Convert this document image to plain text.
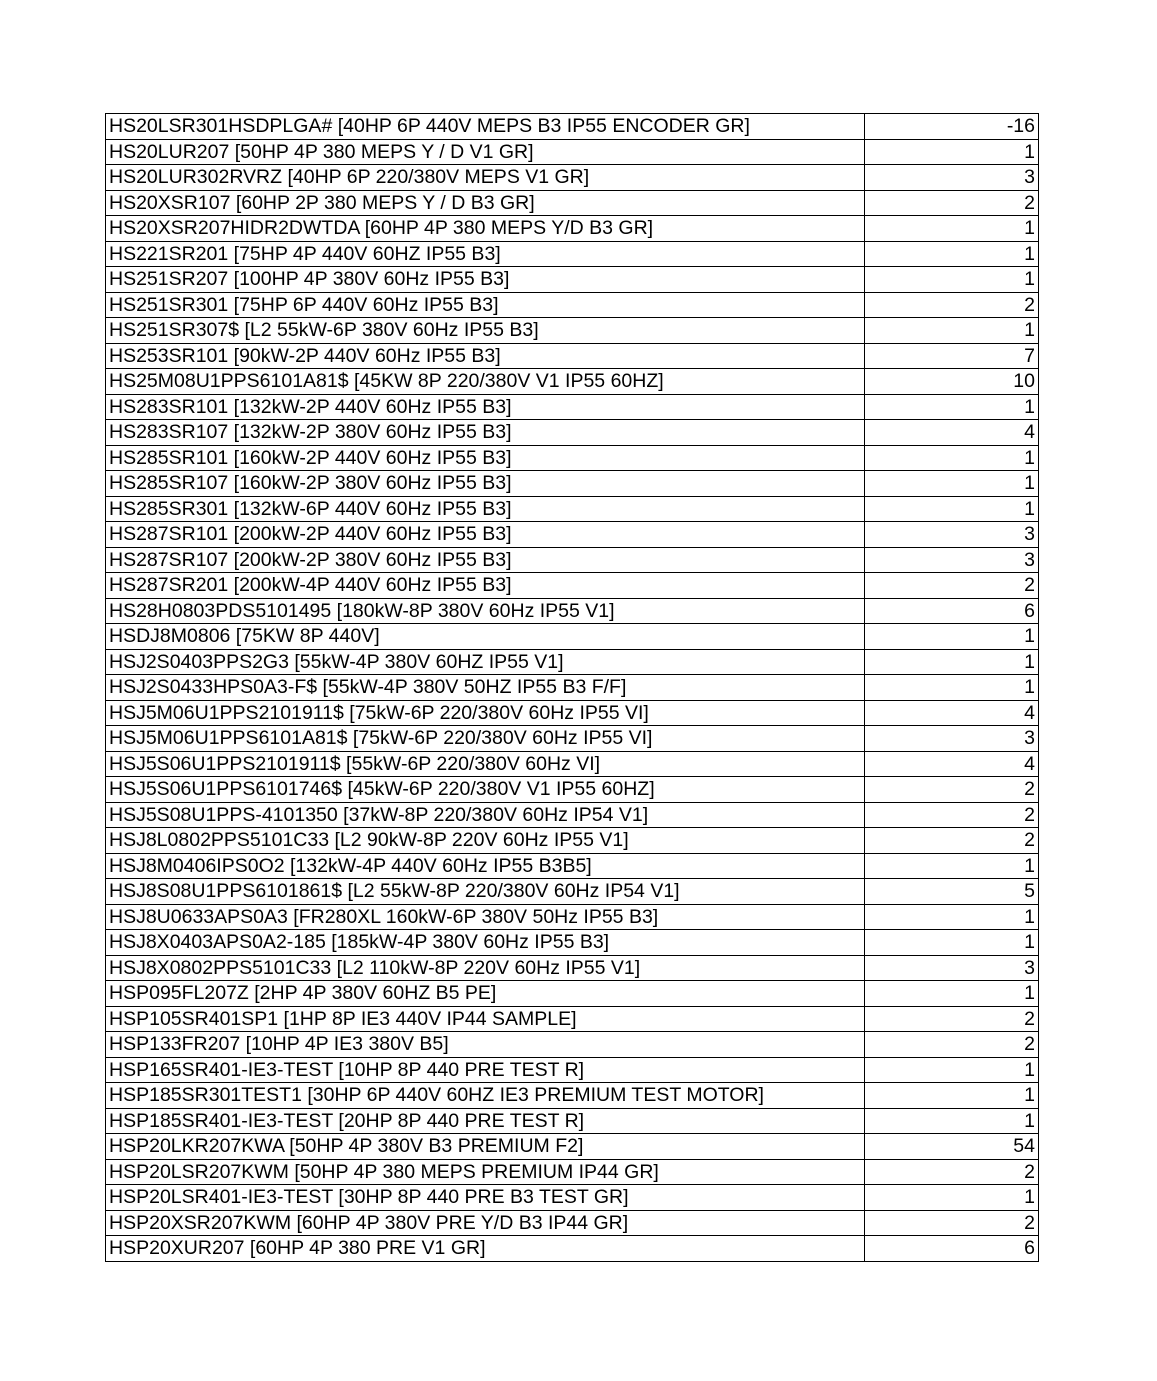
HS20LSR301HSDPLGA# [40HP 6P 440V MEPS B3 IP55 ENCODER GR]	-16
HS20LUR207 [50HP 4P 380 MEPS Y / D V1 GR]	1
HS20LUR302RVRZ [40HP 6P 220/380V MEPS V1 GR]	3
HS20XSR107 [60HP 2P 380 MEPS Y / D B3 GR]	2
HS20XSR207HIDR2DWTDA [60HP 4P 380 MEPS Y/D B3 GR]	1
HS221SR201 [75HP 4P 440V 60HZ IP55 B3]	1
HS251SR207 [100HP 4P 380V 60Hz IP55 B3]	1
HS251SR301 [75HP 6P 440V 60Hz IP55 B3]	2
HS251SR307$ [L2 55kW-6P 380V 60Hz IP55 B3]	1
HS253SR101 [90kW-2P 440V 60Hz IP55 B3]	7
HS25M08U1PPS6101A81$ [45KW 8P 220/380V V1 IP55 60HZ]	10
HS283SR101 [132kW-2P 440V 60Hz IP55 B3]	1
HS283SR107 [132kW-2P 380V 60Hz IP55 B3]	4
HS285SR101 [160kW-2P 440V 60Hz IP55 B3]	1
HS285SR107 [160kW-2P 380V 60Hz IP55 B3]	1
HS285SR301 [132kW-6P 440V 60Hz IP55 B3]	1
HS287SR101 [200kW-2P 440V 60Hz IP55 B3]	3
HS287SR107 [200kW-2P 380V 60Hz IP55 B3]	3
HS287SR201 [200kW-4P 440V 60Hz IP55 B3]	2
HS28H0803PDS5101495 [180kW-8P 380V 60Hz IP55 V1]	6
HSDJ8M0806 [75KW 8P 440V]	1
HSJ2S0403PPS2G3 [55kW-4P 380V 60HZ IP55 V1]	1
HSJ2S0433HPS0A3-F$ [55kW-4P 380V 50HZ IP55 B3 F/F]	1
HSJ5M06U1PPS2101911$ [75kW-6P 220/380V 60Hz IP55 VI]	4
HSJ5M06U1PPS6101A81$ [75kW-6P 220/380V 60Hz IP55 VI]	3
HSJ5S06U1PPS2101911$ [55kW-6P 220/380V 60Hz VI]	4
HSJ5S06U1PPS6101746$ [45kW-6P 220/380V V1 IP55 60HZ]	2
HSJ5S08U1PPS-4101350 [37kW-8P 220/380V 60Hz IP54 V1]	2
HSJ8L0802PPS5101C33 [L2 90kW-8P 220V 60Hz IP55 V1]	2
HSJ8M0406IPS0O2 [132kW-4P 440V 60Hz IP55 B3B5]	1
HSJ8S08U1PPS6101861$ [L2 55kW-8P 220/380V 60Hz IP54 V1]	5
HSJ8U0633APS0A3 [FR280XL 160kW-6P 380V 50Hz IP55 B3]	1
HSJ8X0403APS0A2-185 [185kW-4P 380V 60Hz IP55 B3]	1
HSJ8X0802PPS5101C33 [L2 110kW-8P 220V 60Hz IP55 V1]	3
HSP095FL207Z [2HP 4P 380V 60HZ B5 PE]	1
HSP105SR401SP1 [1HP 8P IE3 440V IP44 SAMPLE]	2
HSP133FR207 [10HP 4P IE3 380V B5]	2
HSP165SR401-IE3-TEST [10HP 8P 440 PRE TEST R]	1
HSP185SR301TEST1 [30HP 6P 440V 60HZ IE3 PREMIUM TEST MOTOR]	1
HSP185SR401-IE3-TEST [20HP 8P 440 PRE TEST R]	1
HSP20LKR207KWA [50HP 4P 380V B3 PREMIUM F2]	54
HSP20LSR207KWM [50HP 4P 380 MEPS PREMIUM IP44 GR]	2
HSP20LSR401-IE3-TEST [30HP 8P 440 PRE B3 TEST GR]	1
HSP20XSR207KWM [60HP 4P 380V PRE Y/D B3 IP44 GR]	2
HSP20XUR207 [60HP 4P 380 PRE V1 GR]	6
